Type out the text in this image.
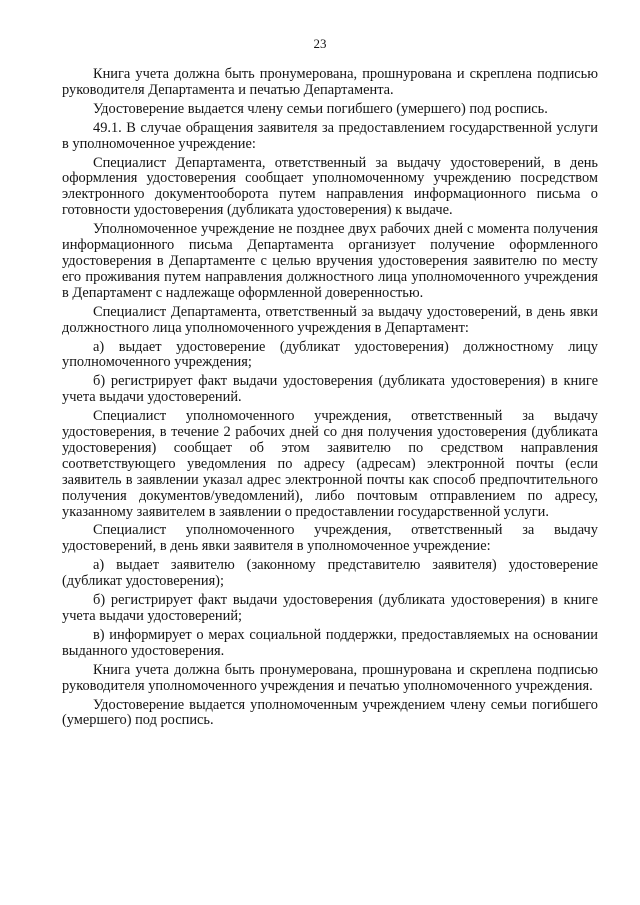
23

Книга учета должна быть пронумерована, прошнурована и скреплена подписью руководителя Департамента и печатью Департамента.

Удостоверение выдается члену семьи погибшего (умершего) под роспись.

49.1. В случае обращения заявителя за предоставлением государственной услуги в уполномоченное учреждение:

Специалист Департамента, ответственный за выдачу удостоверений, в день оформления удостоверения сообщает уполномоченному учреждению посредством электронного документооборота путем направления информационного письма о готовности удостоверения (дубликата удостоверения) к выдаче.

Уполномоченное учреждение не позднее двух рабочих дней с момента получения информационного письма Департамента организует получение оформленного удостоверения в Департаменте с целью вручения удостоверения заявителю по месту его проживания путем направления должностного лица уполномоченного учреждения в Департамент с надлежаще оформленной доверенностью.

Специалист Департамента, ответственный за выдачу удостоверений, в день явки должностного лица уполномоченного учреждения в Департамент:

а) выдает удостоверение (дубликат удостоверения) должностному лицу уполномоченного учреждения;

б) регистрирует факт выдачи удостоверения (дубликата удостоверения) в книге учета выдачи удостоверений.

Специалист уполномоченного учреждения, ответственный за выдачу удостоверения, в течение 2 рабочих дней со дня получения удостоверения (дубликата удостоверения) сообщает об этом заявителю по средством направления соответствующего уведомления по адресу (адресам) электронной почты (если заявитель в заявлении указал адрес электронной почты как способ предпочтительного получения документов/уведомлений), либо почтовым отправлением по адресу, указанному заявителем в заявлении о предоставлении государственной услуги.

Специалист уполномоченного учреждения, ответственный за выдачу удостоверений, в день явки заявителя в уполномоченное учреждение:

а) выдает заявителю (законному представителю заявителя) удостоверение (дубликат удостоверения);

б) регистрирует факт выдачи удостоверения (дубликата удостоверения) в книге учета выдачи удостоверений;

в) информирует о мерах социальной поддержки, предоставляемых на основании выданного удостоверения.

Книга учета должна быть пронумерована, прошнурована и скреплена подписью руководителя уполномоченного учреждения и печатью уполномоченного учреждения.

Удостоверение выдается уполномоченным учреждением члену семьи погибшего (умершего) под роспись.
